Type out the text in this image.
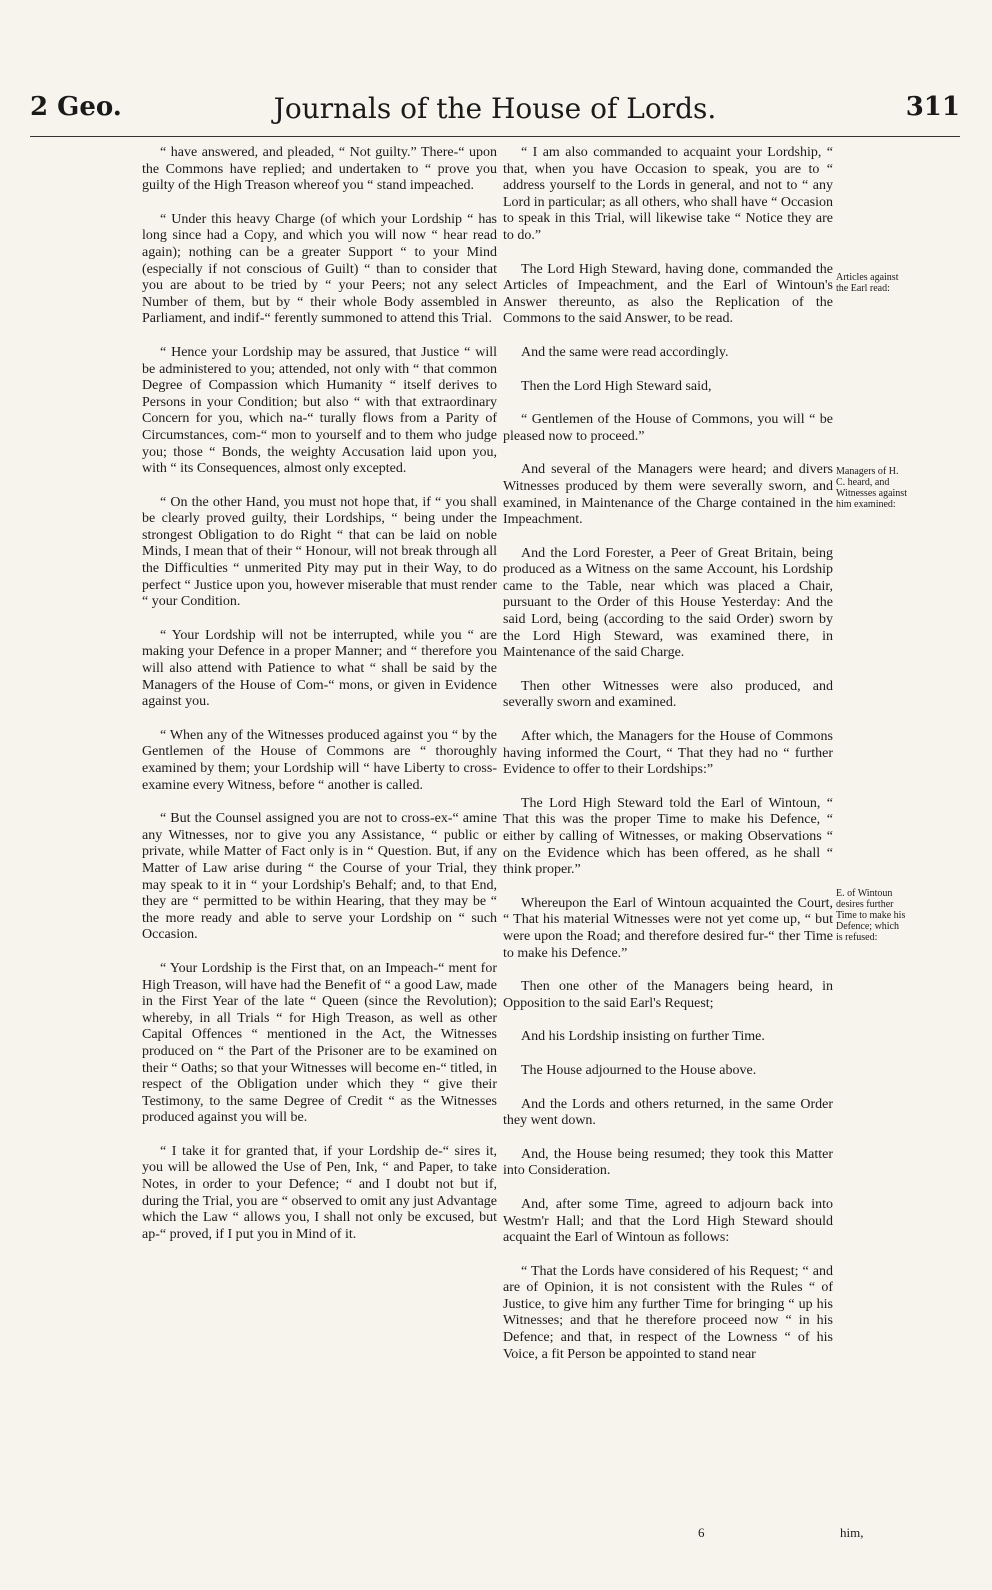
2 Geo.	Journals of the House of Lords.	311

“ have answered, and pleaded, “ Not guilty.” There-“ upon the Commons have replied; and undertaken to “ prove you guilty of the High Treason whereof you “ stand impeached.

“ Under this heavy Charge (of which your Lordship “ has long since had a Copy, and which you will now “ hear read again); nothing can be a greater Support “ to your Mind (especially if not conscious of Guilt) “ than to consider that you are about to be tried by “ your Peers; not any select Number of them, but by “ their whole Body assembled in Parliament, and indif-“ ferently summoned to attend this Trial.

“ Hence your Lordship may be assured, that Justice “ will be administered to you; attended, not only with “ that common Degree of Compassion which Humanity “ itself derives to Persons in your Condition; but also “ with that extraordinary Concern for you, which na-“ turally flows from a Parity of Circumstances, com-“ mon to yourself and to them who judge you; those “ Bonds, the weighty Accusation laid upon you, with “ its Consequences, almost only excepted.

“ On the other Hand, you must not hope that, if “ you shall be clearly proved guilty, their Lordships, “ being under the strongest Obligation to do Right “ that can be laid on noble Minds, I mean that of their “ Honour, will not break through all the Difficulties “ unmerited Pity may put in their Way, to do perfect “ Justice upon you, however miserable that must render “ your Condition.

“ Your Lordship will not be interrupted, while you “ are making your Defence in a proper Manner; and “ therefore you will also attend with Patience to what “ shall be said by the Managers of the House of Com-“ mons, or given in Evidence against you.

“ When any of the Witnesses produced against you “ by the Gentlemen of the House of Commons are “ thoroughly examined by them; your Lordship will “ have Liberty to cross-examine every Witness, before “ another is called.

“ But the Counsel assigned you are not to cross-ex-“ amine any Witnesses, nor to give you any Assistance, “ public or private, while Matter of Fact only is in “ Question. But, if any Matter of Law arise during “ the Course of your Trial, they may speak to it in “ your Lordship's Behalf; and, to that End, they are “ permitted to be within Hearing, that they may be “ the more ready and able to serve your Lordship on “ such Occasion.

“ Your Lordship is the First that, on an Impeach-“ ment for High Treason, will have had the Benefit of “ a good Law, made in the First Year of the late “ Queen (since the Revolution); whereby, in all Trials “ for High Treason, as well as other Capital Offences “ mentioned in the Act, the Witnesses produced on “ the Part of the Prisoner are to be examined on their “ Oaths; so that your Witnesses will become en-“ titled, in respect of the Obligation under which they “ give their Testimony, to the same Degree of Credit “ as the Witnesses produced against you will be.

“ I take it for granted that, if your Lordship de-“ sires it, you will be allowed the Use of Pen, Ink, “ and Paper, to take Notes, in order to your Defence; “ and I doubt not but if, during the Trial, you are “ observed to omit any just Advantage which the Law “ allows you, I shall not only be excused, but ap-“ proved, if I put you in Mind of it.

“ I am also commanded to acquaint your Lordship, “ that, when you have Occasion to speak, you are to “ address yourself to the Lords in general, and not to “ any Lord in particular; as all others, who shall have “ Occasion to speak in this Trial, will likewise take “ Notice they are to do.”

The Lord High Steward, having done, commanded the Articles of Impeachment, and the Earl of Wintoun's Answer thereunto, as also the Replication of the Commons to the said Answer, to be read.

And the same were read accordingly.

Then the Lord High Steward said,

“ Gentlemen of the House of Commons, you will “ be pleased now to proceed.”

And several of the Managers were heard; and divers Witnesses produced by them were severally sworn, and examined, in Maintenance of the Charge contained in the Impeachment.

And the Lord Forester, a Peer of Great Britain, being produced as a Witness on the same Account, his Lordship came to the Table, near which was placed a Chair, pursuant to the Order of this House Yesterday: And the said Lord, being (according to the said Order) sworn by the Lord High Steward, was examined there, in Maintenance of the said Charge.

Then other Witnesses were also produced, and severally sworn and examined.

After which, the Managers for the House of Commons having informed the Court, “ That they had no “ further Evidence to offer to their Lordships:”

The Lord High Steward told the Earl of Wintoun, “ That this was the proper Time to make his Defence, “ either by calling of Witnesses, or making Observations “ on the Evidence which has been offered, as he shall “ think proper.”

Whereupon the Earl of Wintoun acquainted the Court, “ That his material Witnesses were not yet come up, “ but were upon the Road; and therefore desired fur-“ ther Time to make his Defence.”

Then one other of the Managers being heard, in Opposition to the said Earl's Request;

And his Lordship insisting on further Time.

The House adjourned to the House above.

And the Lords and others returned, in the same Order they went down.

And, the House being resumed; they took this Matter into Consideration.

And, after some Time, agreed to adjourn back into Westm'r Hall; and that the Lord High Steward should acquaint the Earl of Wintoun as follows:

“ That the Lords have considered of his Request; “ and are of Opinion, it is not consistent with the Rules “ of Justice, to give him any further Time for bringing “ up his Witnesses; and that he therefore proceed now “ in his Defence; and that, in respect of the Lowness “ of his Voice, a fit Person be appointed to stand near

Articles against the Earl read:
Managers of H. C. heard, and Witnesses against him examined:
E. of Wintoun desires further Time to make his Defence; which is refused:
6	him,
